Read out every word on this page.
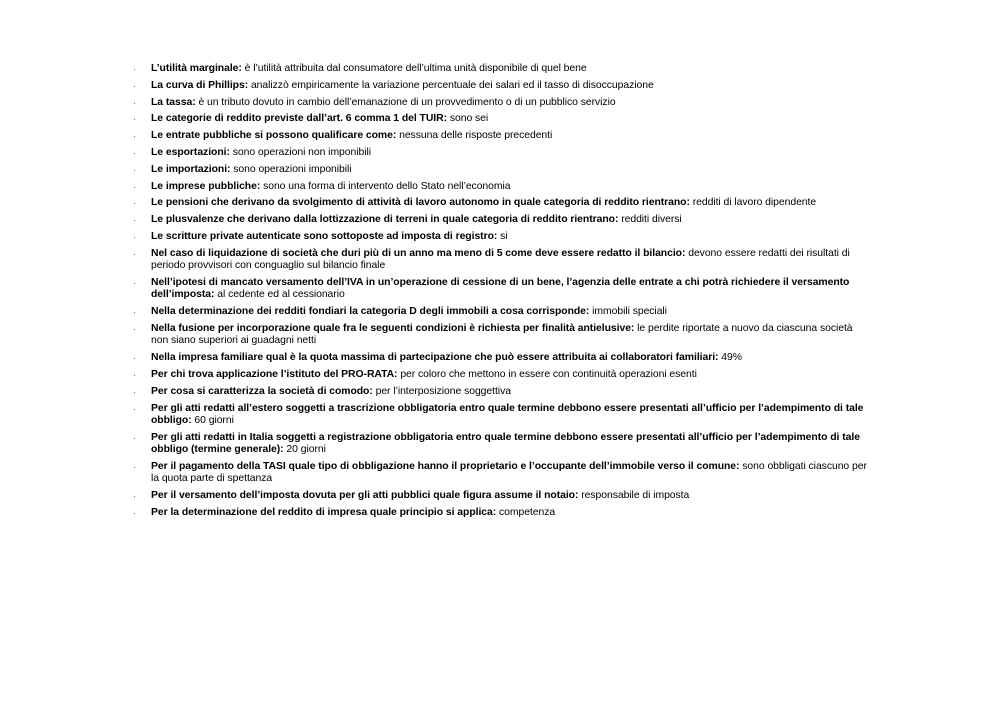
· L’utilità marginale: è l’utilità attribuita dal consumatore dell’ultima unità disponibile di quel bene
· La curva di Phillips: analizzò empiricamente la variazione percentuale dei salari ed il tasso di disoccupazione
· La tassa: è un tributo dovuto in cambio dell’emanazione di un provvedimento o di un pubblico servizio
· Le categorie di reddito previste dall’art. 6 comma 1 del TUIR: sono sei
· Le entrate pubbliche si possono qualificare come: nessuna delle risposte precedenti
· Le esportazioni: sono operazioni non imponibili
· Le importazioni: sono operazioni imponibili
· Le imprese pubbliche: sono una forma di intervento dello Stato nell’economia
· Le pensioni che derivano da svolgimento di attività di lavoro autonomo in quale categoria di reddito rientrano: redditi di lavoro dipendente
· Le plusvalenze che derivano dalla lottizzazione di terreni in quale categoria di reddito rientrano: redditi diversi
· Le scritture private autenticate sono sottoposte ad imposta di registro: si
· Nel caso di liquidazione di società che duri più di un anno ma meno di 5 come deve essere redatto il bilancio: devono essere redatti dei risultati di periodo provvisori con conguaglio sul bilancio finale
· Nell’ipotesi di mancato versamento dell’IVA in un’operazione di cessione di un bene, l’agenzia delle entrate a chi potrà richiedere il versamento dell’imposta: al cedente ed al cessionario
· Nella determinazione dei redditi fondiari la categoria D degli immobili a cosa corrisponde: immobili speciali
· Nella fusione per incorporazione quale fra le seguenti condizioni è richiesta per finalità antielusive: le perdite riportate a nuovo da ciascuna società non siano superiori ai guadagni netti
· Nella impresa familiare qual è la quota massima di partecipazione che può essere attribuita ai collaboratori familiari: 49%
· Per chi trova applicazione l’istituto del PRO-RATA: per coloro che mettono in essere con continuità operazioni esenti
· Per cosa si caratterizza la società di comodo: per l’interposizione soggettiva
· Per gli atti redatti all’estero soggetti a trascrizione obbligatoria entro quale termine debbono essere presentati all’ufficio per l’adempimento di tale obbligo: 60 giorni
· Per gli atti redatti in Italia soggetti a registrazione obbligatoria entro quale termine debbono essere presentati all’ufficio per l’adempimento di tale obbligo (termine generale): 20 giorni
· Per il pagamento della TASI quale tipo di obbligazione hanno il proprietario e l’occupante dell’immobile verso il comune: sono obbligati ciascuno per la quota parte di spettanza
· Per il versamento dell’imposta dovuta per gli atti pubblici quale figura assume il notaio: responsabile di imposta
· Per la determinazione del reddito di impresa quale principio si applica: competenza
